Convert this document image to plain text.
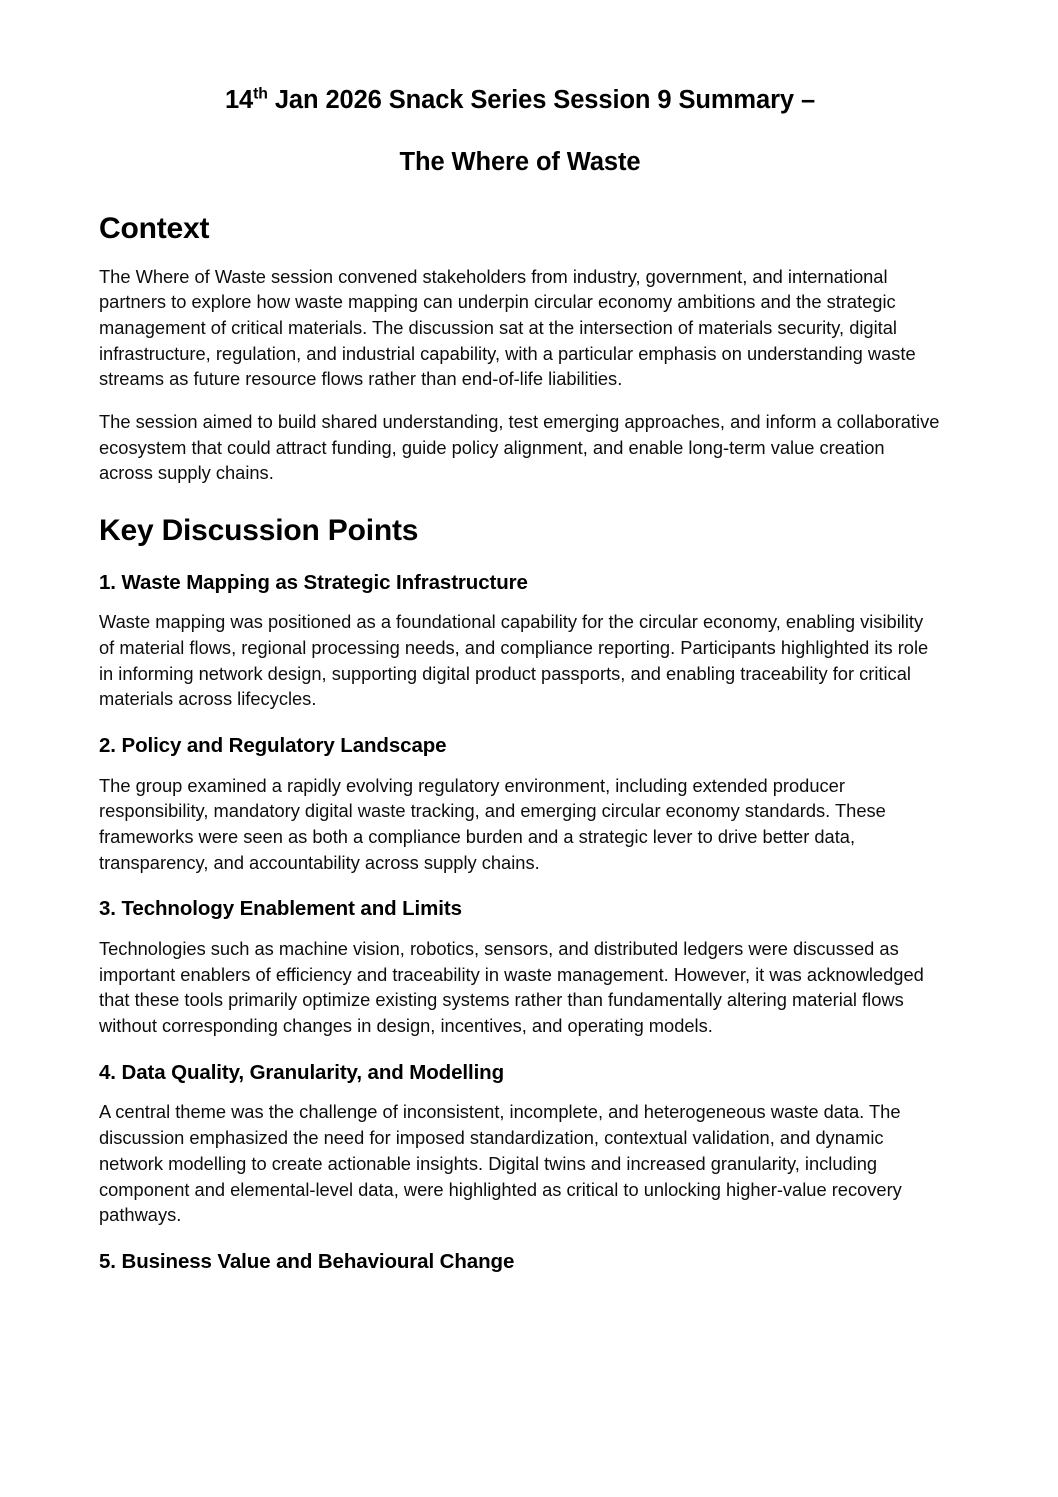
14th Jan 2026 Snack Series Session 9 Summary –
The Where of Waste
Context

The Where of Waste session convened stakeholders from industry, government, and international partners to explore how waste mapping can underpin circular economy ambitions and the strategic management of critical materials. The discussion sat at the intersection of materials security, digital infrastructure, regulation, and industrial capability, with a particular emphasis on understanding waste streams as future resource flows rather than end-of-life liabilities.

The session aimed to build shared understanding, test emerging approaches, and inform a collaborative ecosystem that could attract funding, guide policy alignment, and enable long-term value creation across supply chains.

Key Discussion Points
1. Waste Mapping as Strategic Infrastructure

Waste mapping was positioned as a foundational capability for the circular economy, enabling visibility of material flows, regional processing needs, and compliance reporting. Participants highlighted its role in informing network design, supporting digital product passports, and enabling traceability for critical materials across lifecycles.

2. Policy and Regulatory Landscape

The group examined a rapidly evolving regulatory environment, including extended producer responsibility, mandatory digital waste tracking, and emerging circular economy standards. These frameworks were seen as both a compliance burden and a strategic lever to drive better data, transparency, and accountability across supply chains.

3. Technology Enablement and Limits

Technologies such as machine vision, robotics, sensors, and distributed ledgers were discussed as important enablers of efficiency and traceability in waste management. However, it was acknowledged that these tools primarily optimize existing systems rather than fundamentally altering material flows without corresponding changes in design, incentives, and operating models.

4. Data Quality, Granularity, and Modelling

A central theme was the challenge of inconsistent, incomplete, and heterogeneous waste data. The discussion emphasized the need for imposed standardization, contextual validation, and dynamic network modelling to create actionable insights. Digital twins and increased granularity, including component and elemental-level data, were highlighted as critical to unlocking higher-value recovery pathways.

5. Business Value and Behavioural Change
